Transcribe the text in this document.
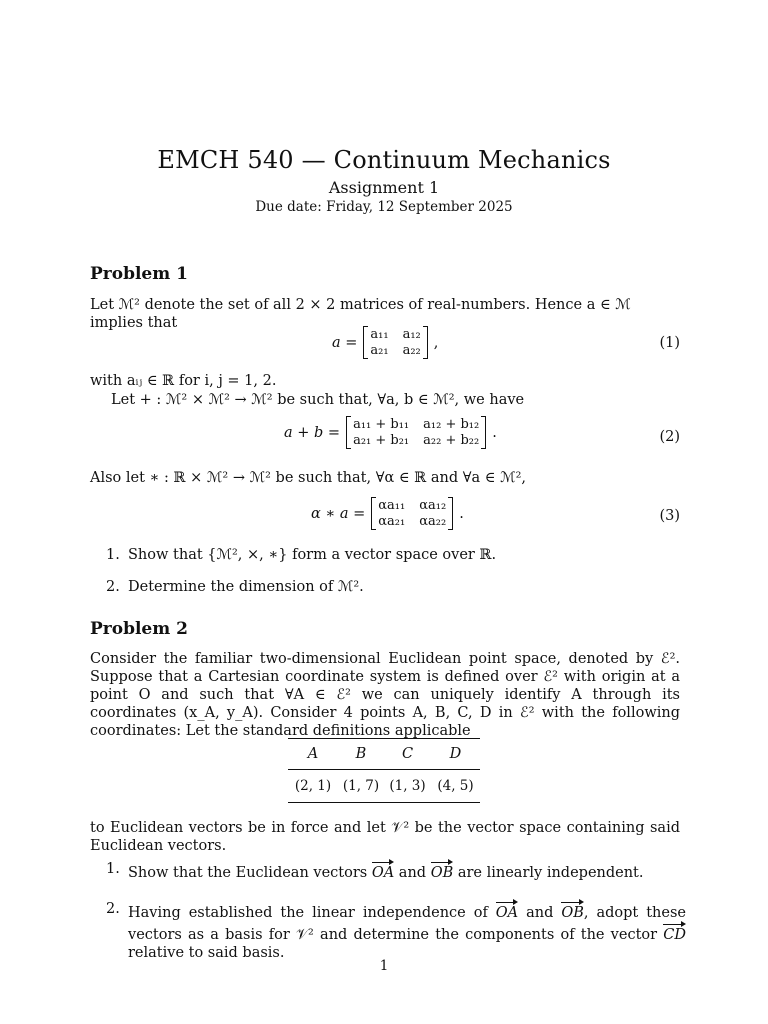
EMCH 540 — Continuum Mechanics
Assignment 1
Due date: Friday, 12 September 2025
Problem 1
Let ℳ² denote the set of all 2 × 2 matrices of real-numbers. Hence a ∈ ℳ implies that
a = a₁₁ a₁₂
a₂₁ a₂₂ ,	(1)
with aᵢⱼ ∈ ℝ for i, j = 1, 2.
Let + : ℳ² × ℳ² → ℳ² be such that, ∀a, b ∈ ℳ², we have
a + b = a₁₁ + b₁₁ a₁₂ + b₁₂
a₂₁ + b₂₁ a₂₂ + b₂₂ .	(2)
Also let ∗ : ℝ × ℳ² → ℳ² be such that, ∀α ∈ ℝ and ∀a ∈ ℳ²,
α ∗ a = αa₁₁ αa₁₂
αa₂₁ αa₂₂ .	(3)
1. Show that {ℳ², ×, ∗} form a vector space over ℝ.
2. Determine the dimension of ℳ².
Problem 2
Consider the familiar two-dimensional Euclidean point space, denoted by ℰ². Suppose that a Cartesian coordinate system is defined over ℰ² with origin at a point O and such that ∀A ∈ ℰ² we can uniquely identify A through its coordinates (x_A, y_A). Consider 4 points A, B, C, D in ℰ² with the following coordinates: Let the standard definitions applicable
A	B	C	D
(2, 1) (1, 7) (1, 3) (4, 5)
to Euclidean vectors be in force and let 𝒱² be the vector space containing said Euclidean vectors.
1. Show that the Euclidean vectors OA and OB are linearly independent.
2. Having established the linear independence of OA and OB, adopt these vectors as a basis for 𝒱² and determine the components of the vector CD relative to said basis.
1
